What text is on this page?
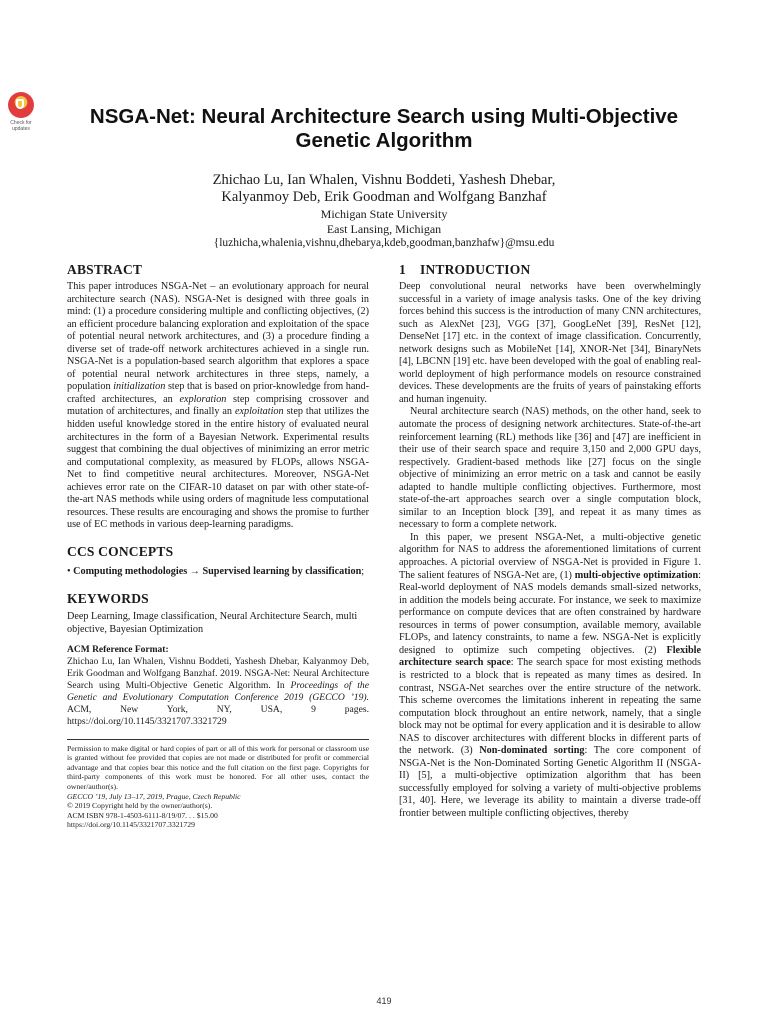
Check for updates
NSGA-Net: Neural Architecture Search using Multi-Objective
Genetic Algorithm
Zhichao Lu, Ian Whalen, Vishnu Boddeti, Yashesh Dhebar,
Kalyanmoy Deb, Erik Goodman and Wolfgang Banzhaf
Michigan State University
East Lansing, Michigan
{luzhicha,whalenia,vishnu,dhebarya,kdeb,goodman,banzhafw}@msu.edu
ABSTRACT

This paper introduces NSGA-Net – an evolutionary approach for neural architecture search (NAS). NSGA-Net is designed with three goals in mind: (1) a procedure considering multiple and conflicting objectives, (2) an efficient procedure balancing exploration and exploitation of the space of potential neural network architectures, and (3) a procedure finding a diverse set of trade-off network architectures achieved in a single run. NSGA-Net is a population-based search algorithm that explores a space of potential neural network architectures in three steps, namely, a population initialization step that is based on prior-knowledge from hand-crafted architectures, an exploration step comprising crossover and mutation of architectures, and finally an exploitation step that utilizes the hidden useful knowledge stored in the entire history of evaluated neural architectures in the form of a Bayesian Network. Experimental results suggest that combining the dual objectives of minimizing an error metric and computational complexity, as measured by FLOPs, allows NSGA-Net to find competitive neural architectures. Moreover, NSGA-Net achieves error rate on the CIFAR-10 dataset on par with other state-of-the-art NAS methods while using orders of magnitude less computational resources. These results are encouraging and shows the promise to further use of EC methods in various deep-learning paradigms.

CCS CONCEPTS

• Computing methodologies → Supervised learning by classification;

KEYWORDS

Deep Learning, Image classification, Neural Architecture Search, multi objective, Bayesian Optimization

ACM Reference Format:

Zhichao Lu, Ian Whalen, Vishnu Boddeti, Yashesh Dhebar, Kalyanmoy Deb, Erik Goodman and Wolfgang Banzhaf. 2019. NSGA-Net: Neural Architecture Search using Multi-Objective Genetic Algorithm. In Proceedings of the Genetic and Evolutionary Computation Conference 2019 (GECCO ’19). ACM, New York, NY, USA, 9 pages. https://doi.org/10.1145/3321707.3321729

Permission to make digital or hard copies of part or all of this work for personal or classroom use is granted without fee provided that copies are not made or distributed for profit or commercial advantage and that copies bear this notice and the full citation on the first page. Copyrights for third-party components of this work must be honored. For all other uses, contact the owner/author(s).

GECCO ’19, July 13–17, 2019, Prague, Czech Republic
© 2019 Copyright held by the owner/author(s).
ACM ISBN 978-1-4503-6111-8/19/07. . . $15.00
https://doi.org/10.1145/3321707.3321729
1 INTRODUCTION

Deep convolutional neural networks have been overwhelmingly successful in a variety of image analysis tasks. One of the key driving forces behind this success is the introduction of many CNN architectures, such as AlexNet [23], VGG [37], GoogLeNet [39], ResNet [12], DenseNet [17] etc. in the context of image classification. Concurrently, network designs such as MobileNet [14], XNOR-Net [34], BinaryNets [4], LBCNN [19] etc. have been developed with the goal of enabling real-world deployment of high performance models on resource constrained devices. These developments are the fruits of years of painstaking efforts and human ingenuity.

Neural architecture search (NAS) methods, on the other hand, seek to automate the process of designing network architectures. State-of-the-art reinforcement learning (RL) methods like [36] and [47] are inefficient in their use of their search space and require 3,150 and 2,000 GPU days, respectively. Gradient-based methods like [27] focus on the single objective of minimizing an error metric on a task and cannot be easily adapted to handle multiple conflicting objectives. Furthermore, most state-of-the-art approaches search over a single computation block, similar to an Inception block [39], and repeat it as many times as necessary to form a complete network.

In this paper, we present NSGA-Net, a multi-objective genetic algorithm for NAS to address the aforementioned limitations of current approaches. A pictorial overview of NSGA-Net is provided in Figure 1. The salient features of NSGA-Net are, (1) multi-objective optimization: Real-world deployment of NAS models demands small-sized networks, in addition the models being accurate. For instance, we seek to maximize performance on compute devices that are often constrained by hardware resources in terms of power consumption, available memory, available FLOPs, and latency constraints, to name a few. NSGA-Net is explicitly designed to optimize such competing objectives. (2) Flexible architecture search space: The search space for most existing methods is restricted to a block that is repeated as many times as desired. In contrast, NSGA-Net searches over the entire structure of the network. This scheme overcomes the limitations inherent in repeating the same computation block throughout an entire network, namely, that a single block may not be optimal for every application and it is desirable to allow NAS to discover architectures with different blocks in different parts of the network. (3) Non-dominated sorting: The core component of NSGA-Net is the Non-Dominated Sorting Genetic Algorithm II (NSGA-II) [5], a multi-objective optimization algorithm that has been successfully employed for solving a variety of multi-objective problems [31, 40]. Here, we leverage its ability to maintain a diverse trade-off frontier between multiple conflicting objectives, thereby

419
